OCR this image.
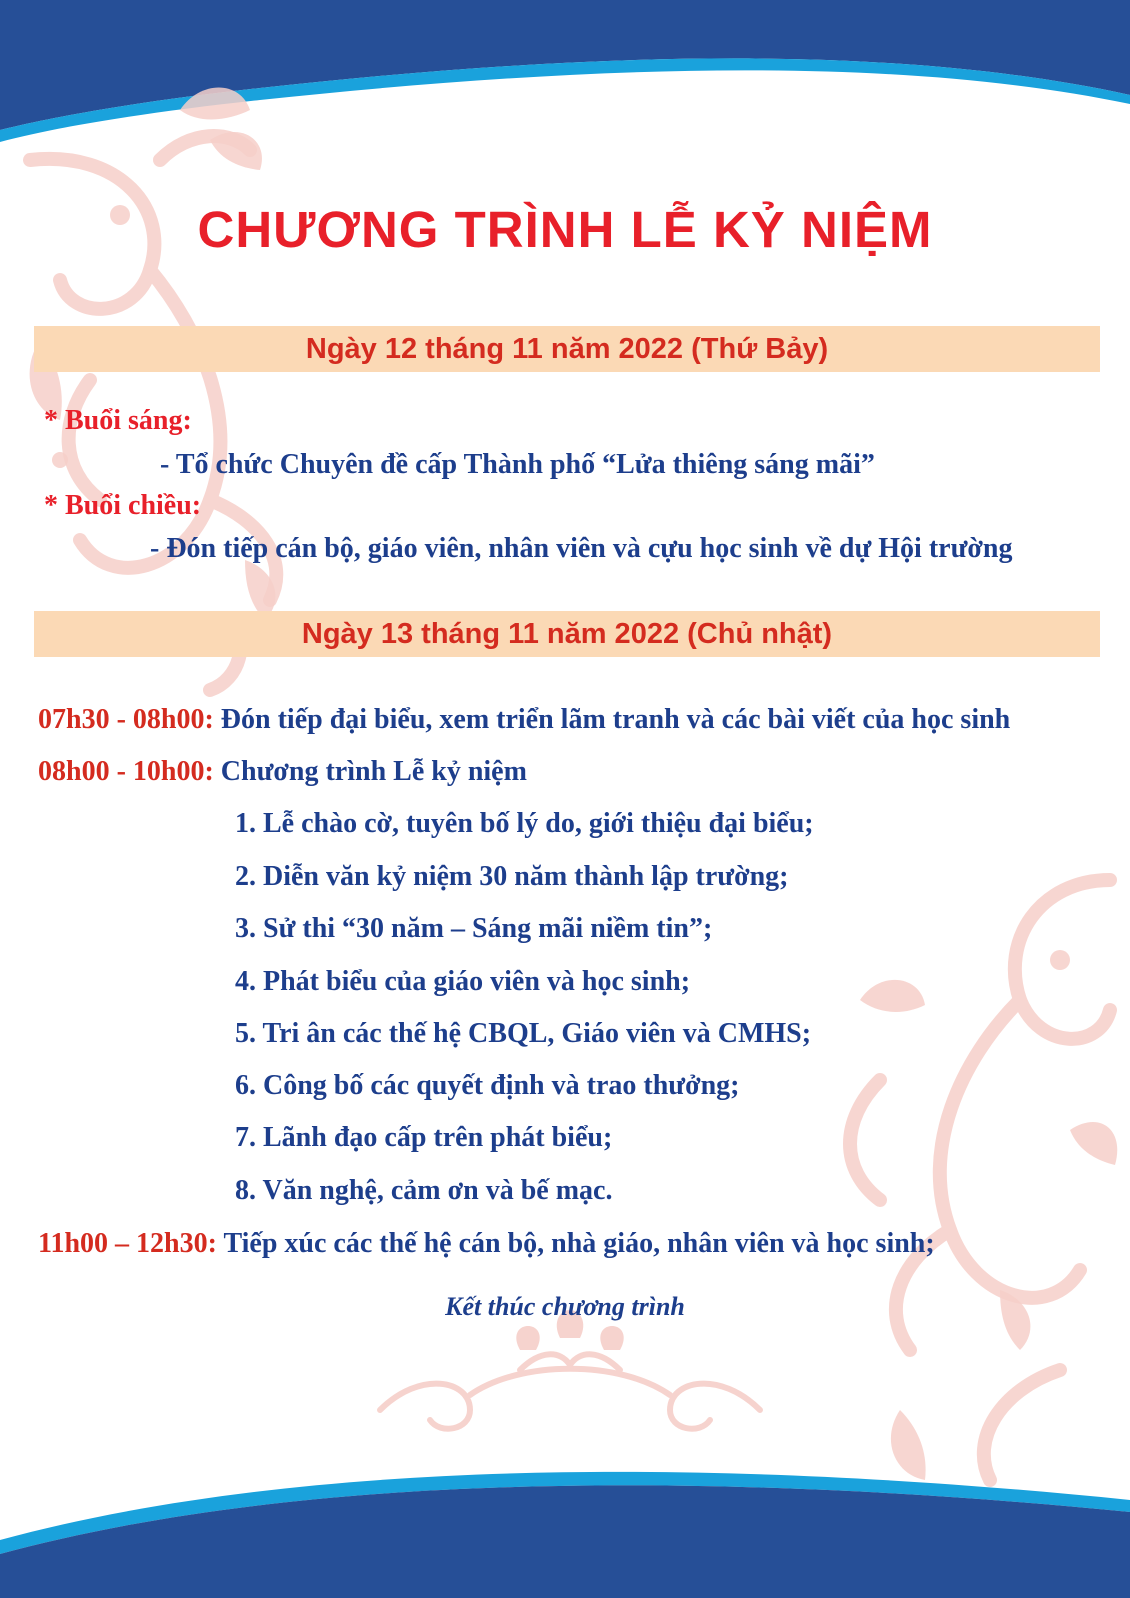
CHƯƠNG TRÌNH LỄ KỶ NIỆM
Ngày 12 tháng 11 năm 2022 (Thứ Bảy)
* Buổi sáng:
- Tổ chức Chuyên đề cấp Thành phố “Lửa thiêng sáng mãi”
* Buổi chiều:
- Đón tiếp cán bộ, giáo viên, nhân viên và cựu học sinh về dự Hội trường
Ngày 13 tháng 11 năm 2022 (Chủ nhật)
07h30 - 08h00: Đón tiếp đại biểu, xem triển lãm tranh và các bài viết của học sinh
08h00 - 10h00: Chương trình Lễ kỷ niệm
1. Lễ chào cờ, tuyên bố lý do, giới thiệu đại biểu;
2. Diễn văn kỷ niệm 30 năm thành lập trường;
3. Sử thi “30 năm – Sáng mãi niềm tin”;
4. Phát biểu của giáo viên và học sinh;
5. Tri ân các thế hệ CBQL, Giáo viên và CMHS;
6. Công bố các quyết định và trao thưởng;
7. Lãnh đạo cấp trên phát biểu;
8. Văn nghệ, cảm ơn và bế mạc.
11h00 – 12h30: Tiếp xúc các thế hệ cán bộ, nhà giáo, nhân viên và học sinh;
Kết thúc chương trình
